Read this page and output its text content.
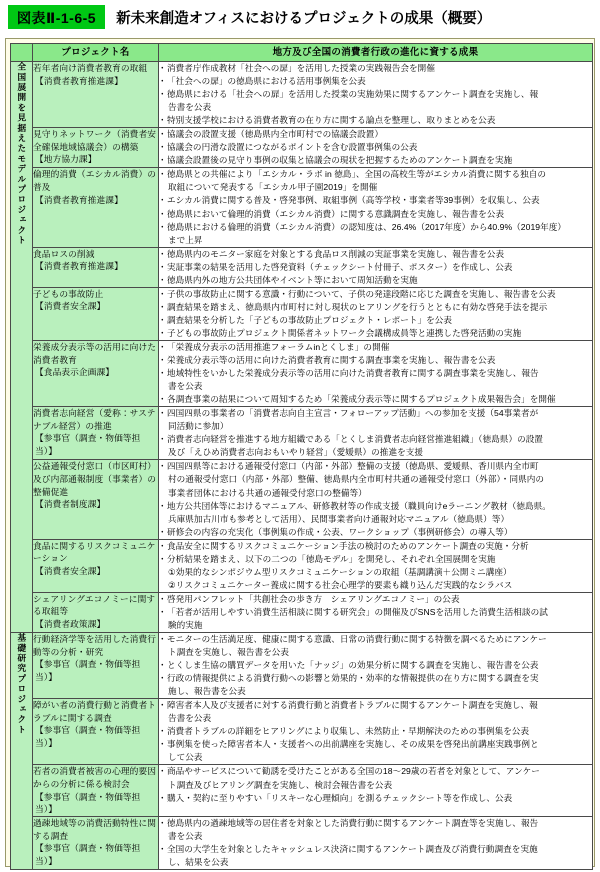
図表Ⅱ-1-6-5	新未来創造オフィスにおけるプロジェクトの成果（概要）
	プロジェクト名	地方及び全国の消費者行政の進化に資する成果

全国展開を見据えたモデルプロジェクト	若年者向け消費者教育の取組
【消費者教育推進課】

・ 消費者庁作成教材「社会への扉」を活用した授業の実践報告会を開催
・ 「社会への扉」の徳島県における活用事例集を公表
・ 徳島県における「社会への扉」を活用した授業の実施効果に関するアンケート調査を実施し、報
告書を公表
・ 特別支援学校における消費者教育の在り方に関する論点を整理し、取りまとめを公表

見守りネットワーク（消費者安全確保地域協議会）の構築
【地方協力課】

・ 協議会の設置支援（徳島県内全市町村での協議会設置）
・ 協議会の円滑な設置につながるポイントを含む設置事例集の公表
・ 協議会設置後の見守り事例の収集と協議会の現状を把握するためのアンケート調査を実施

倫理的消費（エシカル消費）の普及
【消費者教育推進課】

・ 徳島県との共催により「エシカル・ラボ in 徳島」、全国の高校生等がエシカル消費に関する独自の
取組について発表する「エシカル甲子園2019」を開催
・ エシカル消費に関する普及・啓発事例、取組事例（高等学校・事業者等39事例）を収集し、公表
・ 徳島県において倫理的消費（エシカル消費）に関する意識調査を実施し、報告書を公表
・ 徳島県における倫理的消費（エシカル消費）の認知度は、26.4%（2017年度）から40.9%（2019年度）
まで上昇

食品ロスの削減
【消費者教育推進課】

・ 徳島県内のモニター家庭を対象とする食品ロス削減の実証事業を実施し、報告書を公表
・ 実証事業の結果を活用した啓発資料（チェックシート付冊子、ポスター）を作成し、公表
・ 徳島県内外の地方公共団体やイベント等において周知活動を実施

子どもの事故防止
【消費者安全課】

・ 子供の事故防止に関する意識・行動について、子供の発達段階に応じた調査を実施し、報告書を公表
・ 調査結果を踏まえ、徳島県内市町村に対し現状のヒアリングを行うとともに有効な啓発手法を提示
・ 調査結果を分析した「子どもの事故防止プロジェクト・レポート」を公表
・ 子どもの事故防止プロジェクト関係者ネットワーク会議構成員等と連携した啓発活動の実施

栄養成分表示等の活用に向けた消費者教育
【食品表示企画課】

・ 「栄養成分表示の活用推進フォーラムinとくしま」の開催
・ 栄養成分表示等の活用に向けた消費者教育に関する調査事業を実施し、報告書を公表
・ 地域特性をいかした栄養成分表示等の活用に向けた消費者教育に関する調査事業を実施し、報告
書を公表
・ 各調査事業の結果について周知するため「栄養成分表示等に関するプロジェクト成果報告会」を開催

消費者志向経営（愛称：サステナブル経営）の推進
【参事官（調査・物価等担当）】

・ 四国四県の事業者の「消費者志向自主宣言・フォローアップ活動」への参加を支援（54事業者が
同活動に参加）
・ 消費者志向経営を推進する地方組織である「とくしま消費者志向経営推進組織」（徳島県）の設置
及び「えひめ消費者志向おもいやり経営」（愛媛県）の推進を支援

公益通報受付窓口（市区町村）及び内部通報制度（事業者）の整備促進
【消費者制度課】

・ 四国四県等における通報受付窓口（内部・外部）整備の支援（徳島県、愛媛県、香川県内全市町
村の通報受付窓口（内部・外部）整備、徳島県内全市町村共通の通報受付窓口（外部）・同県内の
事業者団体における共通の通報受付窓口の整備等）
・ 地方公共団体等におけるマニュアル、研修教材等の作成支援（職員向けeラーニング教材（徳島県。
兵庫県加古川市も参考として活用）、民間事業者向け通報対応マニュアル（徳島県）等）
・ 研修会の内容の充実化（事例集の作成・公表、ワークショップ（事例研修会）の導入等）

食品に関するリスクコミュニケーション
【消費者安全課】

・ 食品安全に関するリスクコミュニケーション手法の検討のためのアンケート調査の実施・分析
・ 分析結果を踏まえ、以下の二つの「徳島モデル」を開発し、それぞれ全国展開を実施
①効果的なシンポジウム型リスクコミュニケーションの取組（基調講演＋公開ミニ講座）
②リスクコミュニケーター養成に関する社会心理学的要素も織り込んだ実践的なシラバス

シェアリングエコノミーに関する取組等
【消費者政策課】

・ 啓発用パンフレット「共創社会の歩き方　シェアリングエコノミー」の公表
・ 「若者が活用しやすい消費生活相談に関する研究会」の開催及びSNSを活用した消費生活相談の試
験的実施

基礎研究プロジェクト	行動経済学等を活用した消費行動等の分析・研究
【参事官（調査・物価等担当）】

・ モニターの生活満足度、健康に関する意識、日常の消費行動に関する特徴を調べるためにアンケー
ト調査を実施し、報告書を公表
・ とくしま生協の購買データを用いた「ナッジ」の効果分析に関する調査を実施し、報告書を公表
・ 行政の情報提供による消費行動への影響と効果的・効率的な情報提供の在り方に関する調査を実
施し、報告書を公表

障がい者の消費行動と消費者トラブルに関する調査
【参事官（調査・物価等担当）】

・ 障害者本人及び支援者に対する消費行動と消費者トラブルに関するアンケート調査を実施し、報
告書を公表
・ 消費者トラブルの詳細をヒアリングにより収集し、未然防止・早期解決のための事例集を公表
・ 事例集を使った障害者本人・支援者への出前講座を実施し、その成果を啓発出前講座実践事例と
して公表

若者の消費者被害の心理的要因からの分析に係る検討会
【参事官（調査・物価等担当）】

・ 商品やサービスについて勧誘を受けたことがある全国の18～29歳の若者を対象として、アンケー
ト調査及びヒアリング調査を実施し、検討会報告書を公表
・ 購入・契約に至りやすい「リスキーな心理傾向」を測るチェックシート等を作成し、公表

過疎地域等の消費活動特性に関する調査
【参事官（調査・物価等担当）】

・ 徳島県内の過疎地域等の居住者を対象とした消費行動に関するアンケート調査等を実施し、報告
書を公表
・ 全国の大学生を対象としたキャッシュレス決済に関するアンケート調査及び消費行動調査を実施
し、結果を公表
